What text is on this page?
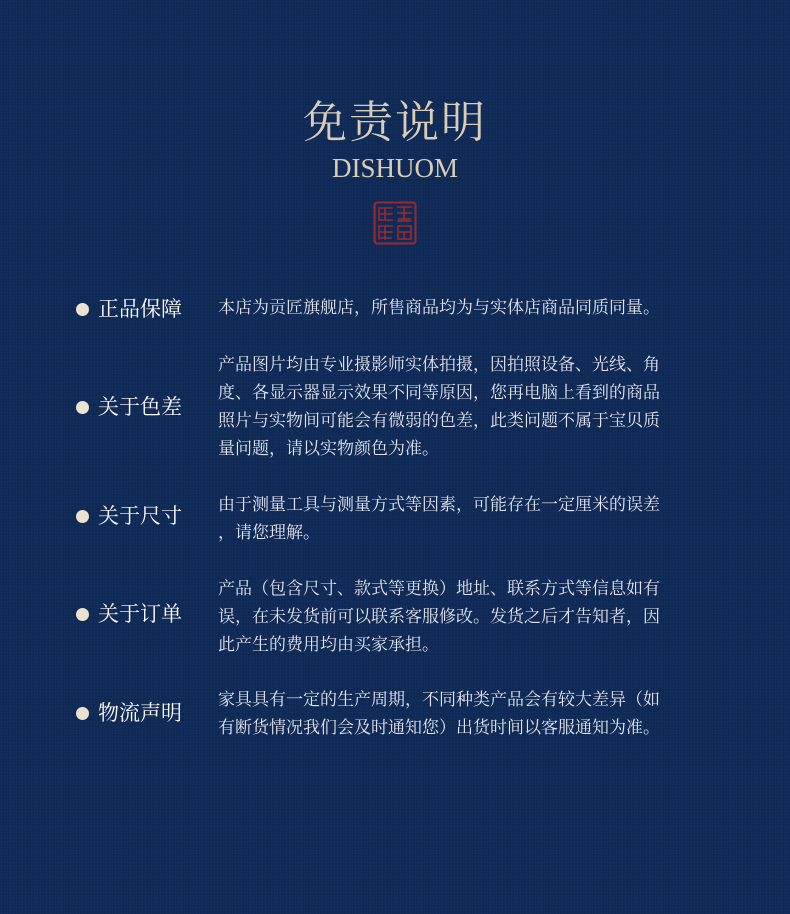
免责说明
DISHUOM
正品保障 本店为贡匠旗舰店，所售商品均为与实体店商品同质同量。
关于色差
产品图片均由专业摄影师实体拍摄，因拍照设备、光线、角
度、各显示器显示效果不同等原因，您再电脑上看到的商品
照片与实物间可能会有微弱的色差，此类问题不属于宝贝质
量问题，请以实物颜色为准。
关于尺寸 由于测量工具与测量方式等因素，可能存在一定厘米的误差
，请您理解。
关于订单
产品（包含尺寸、款式等更换）地址、联系方式等信息如有
误，在未发货前可以联系客服修改。发货之后才告知者，因
此产生的费用均由买家承担。
物流声明
家具具有一定的生产周期，不同种类产品会有较大差异（如
有断货情况我们会及时通知您）出货时间以客服通知为准。
